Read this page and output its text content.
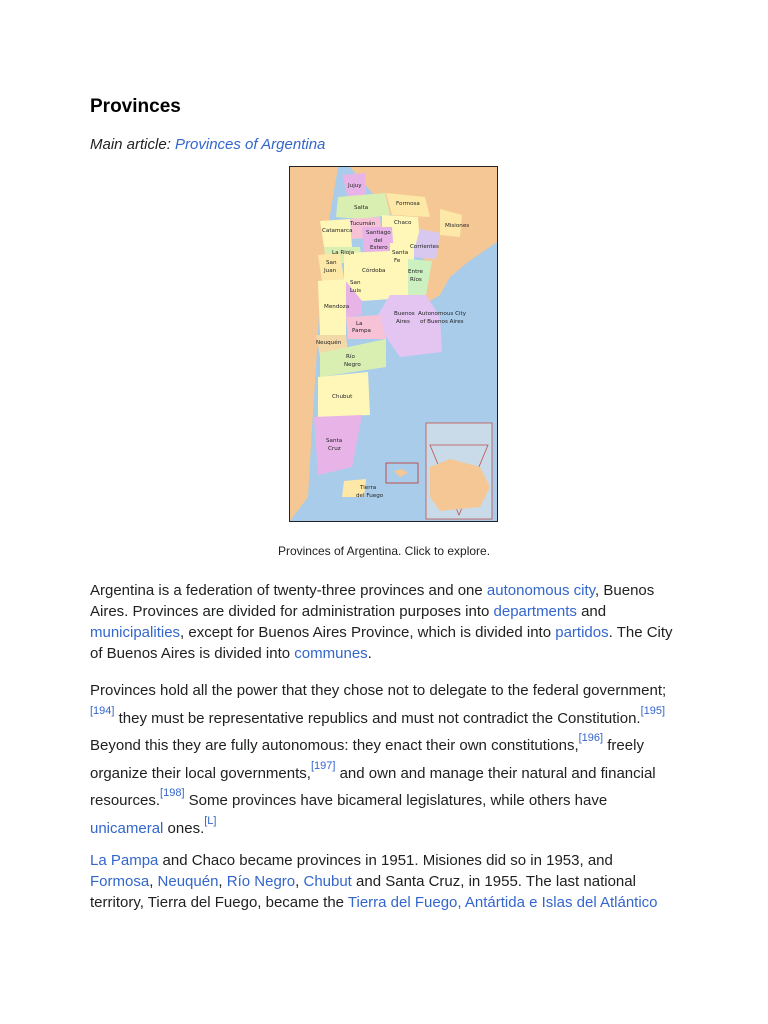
Provinces

Main article: Provinces of Argentina

Jujuy
Salta
Formosa
Misiones
Tucumán
Catamarca
Chaco
Santiago
del
Estero
La Rioja
Corrientes
Santa
Fe
San
Juan	Córdoba	Entre
Ríos
San
Luis
Mendoza
Buenos
Aires
Autonomous City
of Buenos Aires
La
Pampa
Neuquén
Río
Negro
Chubut
Santa
Cruz
Tierra
del Fuego

Provinces of Argentina. Click to explore.

Argentina is a federation of twenty-three provinces and one autonomous city, Buenos Aires. Provinces are divided for administration purposes into departments and municipalities, except for Buenos Aires Province, which is divided into partidos. The City of Buenos Aires is divided into communes.

Provinces hold all the power that they chose not to delegate to the federal government;[194] they must be representative republics and must not contradict the Constitution.[195] Beyond this they are fully autonomous: they enact their own constitutions,[196] freely organize their local governments,[197] and own and manage their natural and financial resources.[198] Some provinces have bicameral legislatures, while others have unicameral ones.[L]

La Pampa and Chaco became provinces in 1951. Misiones did so in 1953, and Formosa, Neuquén, Río Negro, Chubut and Santa Cruz, in 1955. The last national territory, Tierra del Fuego, became the Tierra del Fuego, Antártida e Islas del Atlántico
